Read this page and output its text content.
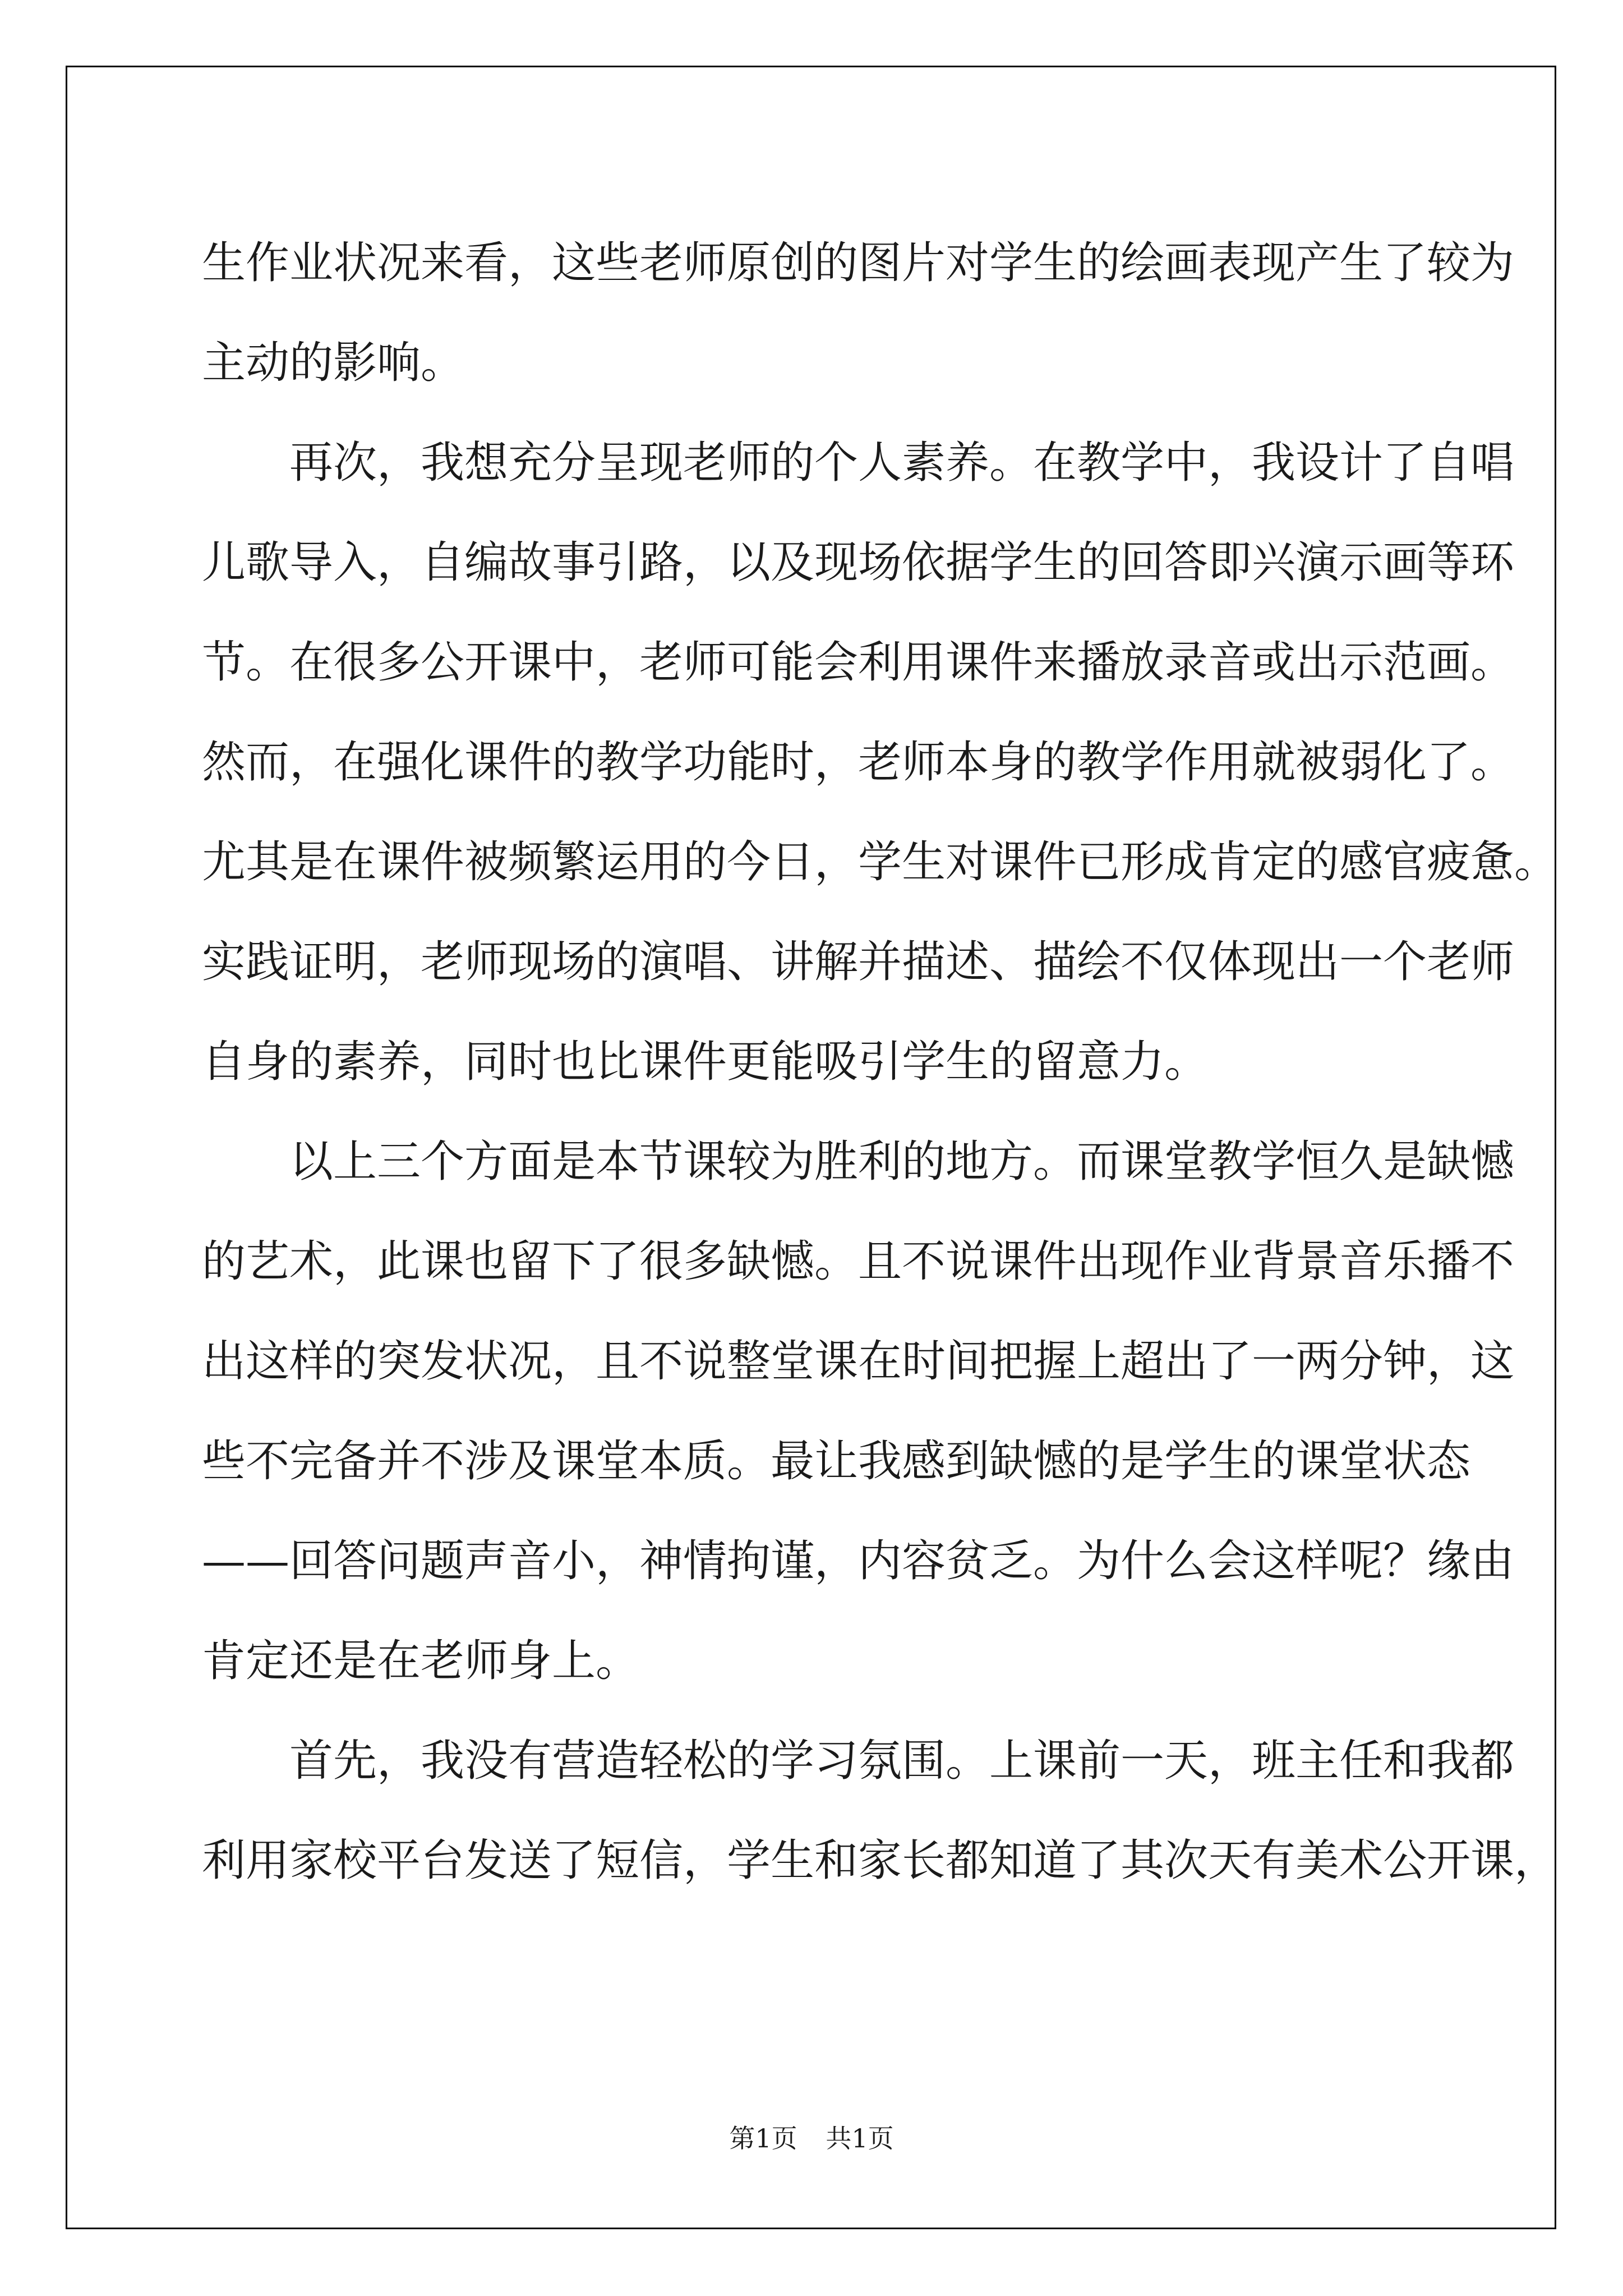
生作业状况来看，这些老师原创的图片对学生的绘画表现产生了较为
主动的影响。
再次，我想充分呈现老师的个人素养。在教学中，我设计了自唱
儿歌导入，自编故事引路，以及现场依据学生的回答即兴演示画等环
节。在很多公开课中，老师可能会利用课件来播放录音或出示范画。
然而，在强化课件的教学功能时，老师本身的教学作用就被弱化了。
尤其是在课件被频繁运用的今日，学生对课件已形成肯定的感官疲惫。
实践证明，老师现场的演唱、讲解并描述、描绘不仅体现出一个老师
自身的素养，同时也比课件更能吸引学生的留意力。
以上三个方面是本节课较为胜利的地方。而课堂教学恒久是缺憾
的艺术，此课也留下了很多缺憾。且不说课件出现作业背景音乐播不
出这样的突发状况，且不说整堂课在时间把握上超出了一两分钟，这
些不完备并不涉及课堂本质。最让我感到缺憾的是学生的课堂状态
——回答问题声音小，神情拘谨，内容贫乏。为什么会这样呢？缘由
肯定还是在老师身上。
首先，我没有营造轻松的学习氛围。上课前一天，班主任和我都
利用家校平台发送了短信，学生和家长都知道了其次天有美术公开课，
第1页 共1页
